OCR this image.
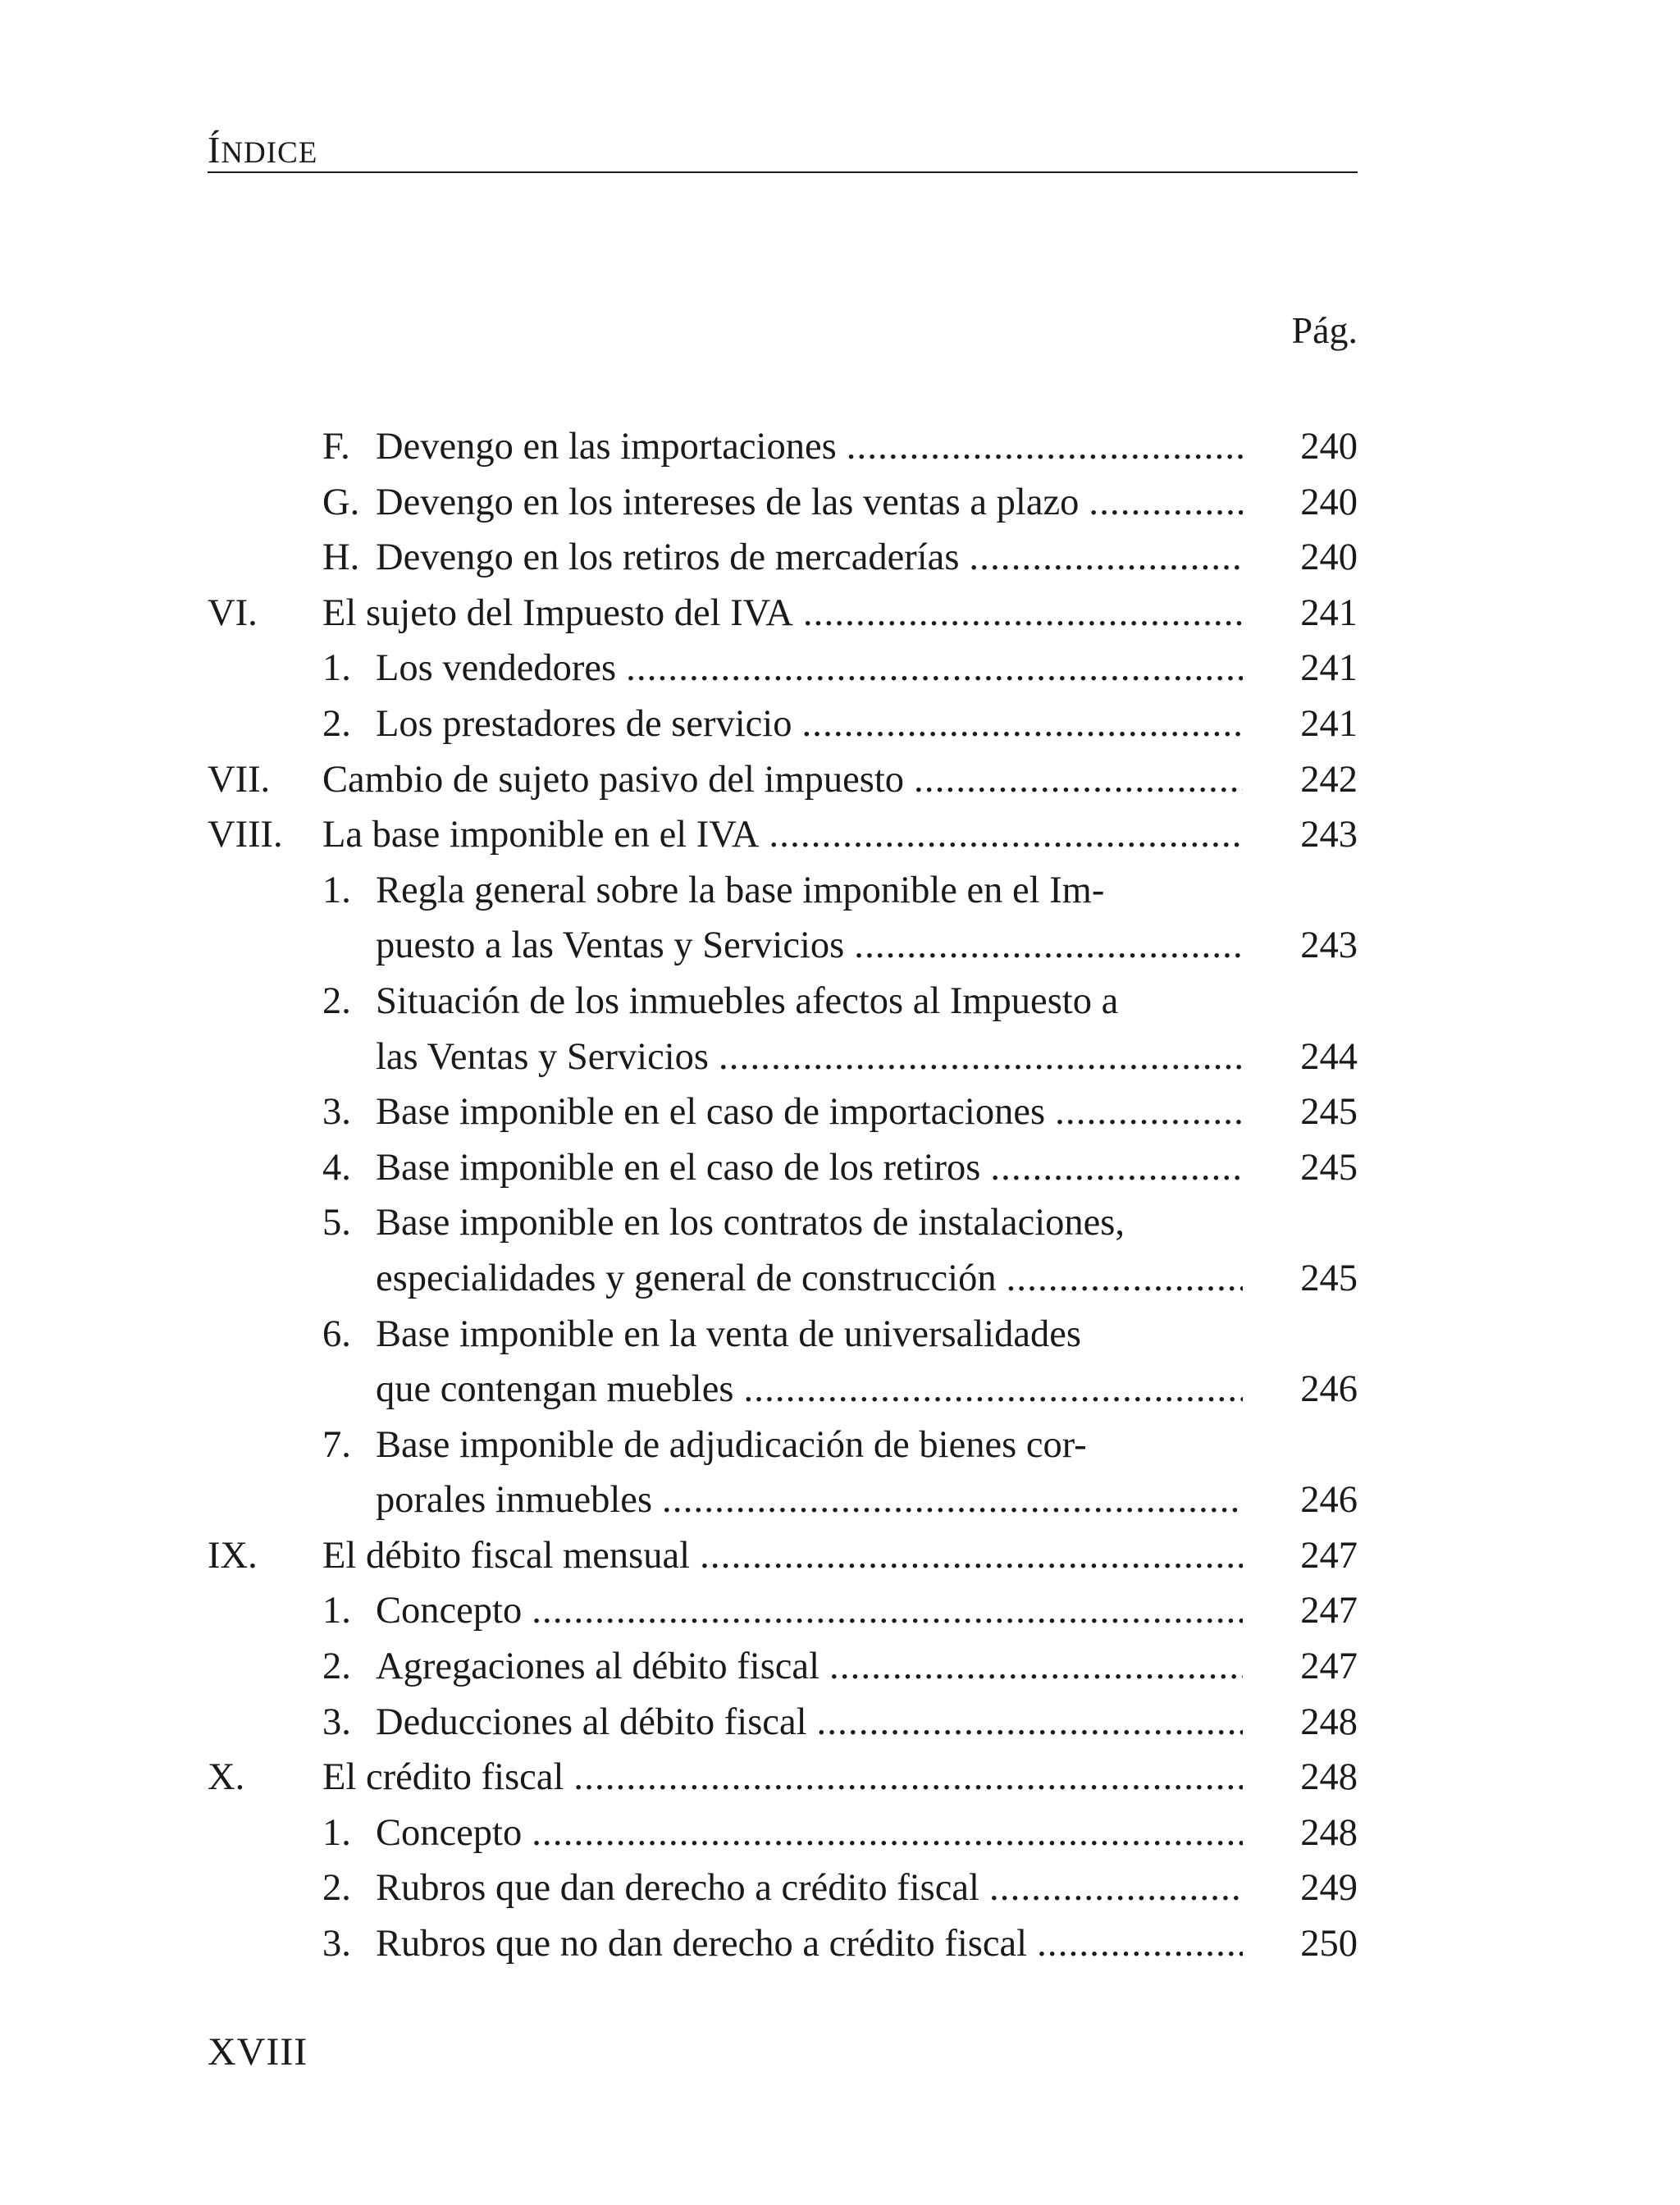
ÍNDICE
Pág.
F. Devengo en las importaciones .....	240
G. Devengo en los intereses de las ventas a plazo .....	240
H. Devengo en los retiros de mercaderías .....	240
VI. El sujeto del Impuesto del IVA .....	241
1. Los vendedores .....	241
2. Los prestadores de servicio .....	241
VII. Cambio de sujeto pasivo del impuesto .....	242
VIII. La base imponible en el IVA .....	243
1. Regla general sobre la base imponible en el Im-
puesto a las Ventas y Servicios .....	243
2. Situación de los inmuebles afectos al Impuesto a
las Ventas y Servicios .....	244
3. Base imponible en el caso de importaciones .....	245
4. Base imponible en el caso de los retiros .....	245
5. Base imponible en los contratos de instalaciones,
especialidades y general de construcción .....	245
6. Base imponible en la venta de universalidades
que contengan muebles .....	246
7. Base imponible de adjudicación de bienes cor-
porales inmuebles .....	246
IX. El débito fiscal mensual .....	247
1. Concepto .....	247
2. Agregaciones al débito fiscal .....	247
3. Deducciones al débito fiscal .....	248
X. El crédito fiscal .....	248
1. Concepto .....	248
2. Rubros que dan derecho a crédito fiscal .....	249
3. Rubros que no dan derecho a crédito fiscal .....	250
XVIII
